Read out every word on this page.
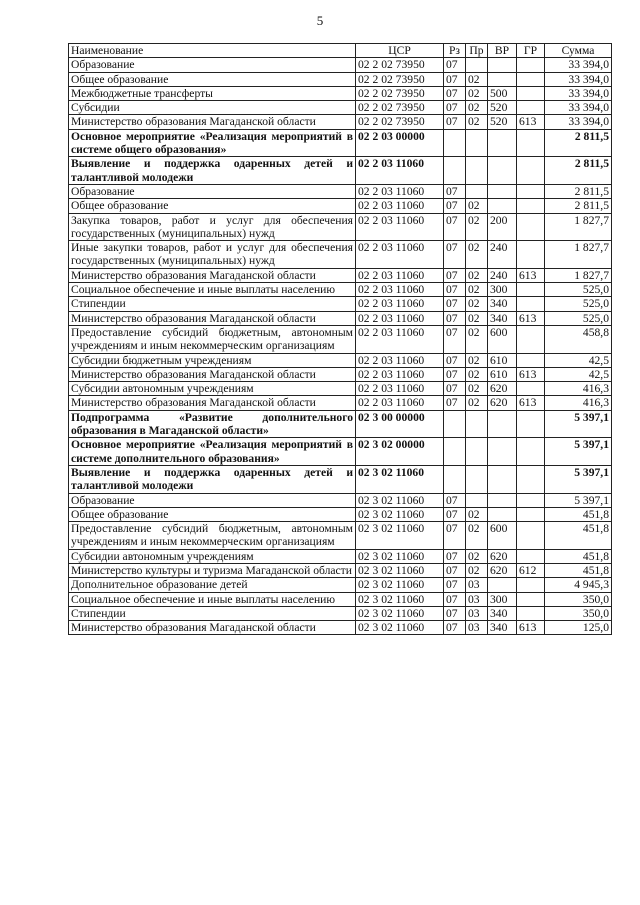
5
Наименование	ЦСР	Рз	Пр	ВР	ГР	Сумма
Образование	02 2 02 73950	07				33 394,0
Общее образование	02 2 02 73950	07	02			33 394,0
Межбюджетные трансферты	02 2 02 73950	07	02	500		33 394,0
Субсидии	02 2 02 73950	07	02	520		33 394,0
Министерство образования Магаданской области	02 2 02 73950	07	02	520	613	33 394,0
Основное мероприятие «Реализация мероприятий в системе общего образования»	02 2 03 00000					2 811,5
Выявление и поддержка одаренных детей и талантливой молодежи	02 2 03 11060					2 811,5
Образование	02 2 03 11060	07				2 811,5
Общее образование	02 2 03 11060	07	02			2 811,5
Закупка товаров, работ и услуг для обеспечения государственных (муниципальных) нужд	02 2 03 11060	07	02	200		1 827,7
Иные закупки товаров, работ и услуг для обеспечения государственных (муниципальных) нужд	02 2 03 11060	07	02	240		1 827,7
Министерство образования Магаданской области	02 2 03 11060	07	02	240	613	1 827,7
Социальное обеспечение и иные выплаты населению	02 2 03 11060	07	02	300		525,0
Стипендии	02 2 03 11060	07	02	340		525,0
Министерство образования Магаданской области	02 2 03 11060	07	02	340	613	525,0
Предоставление субсидий бюджетным, автономным учреждениям и иным некоммерческим организациям	02 2 03 11060	07	02	600		458,8
Субсидии бюджетным учреждениям	02 2 03 11060	07	02	610		42,5
Министерство образования Магаданской области	02 2 03 11060	07	02	610	613	42,5
Субсидии автономным учреждениям	02 2 03 11060	07	02	620		416,3
Министерство образования Магаданской области	02 2 03 11060	07	02	620	613	416,3
Подпрограмма «Развитие дополнительного образования в Магаданской области»	02 3 00 00000					5 397,1
Основное мероприятие «Реализация мероприятий в системе дополнительного образования»	02 3 02 00000					5 397,1
Выявление и поддержка одаренных детей и талантливой молодежи	02 3 02 11060					5 397,1
Образование	02 3 02 11060	07				5 397,1
Общее образование	02 3 02 11060	07	02			451,8
Предоставление субсидий бюджетным, автономным учреждениям и иным некоммерческим организациям	02 3 02 11060	07	02	600		451,8
Субсидии автономным учреждениям	02 3 02 11060	07	02	620		451,8
Министерство культуры и туризма Магаданской области	02 3 02 11060	07	02	620	612	451,8
Дополнительное образование детей	02 3 02 11060	07	03			4 945,3
Социальное обеспечение и иные выплаты населению	02 3 02 11060	07	03	300		350,0
Стипендии	02 3 02 11060	07	03	340		350,0
Министерство образования Магаданской области	02 3 02 11060	07	03	340	613	125,0
